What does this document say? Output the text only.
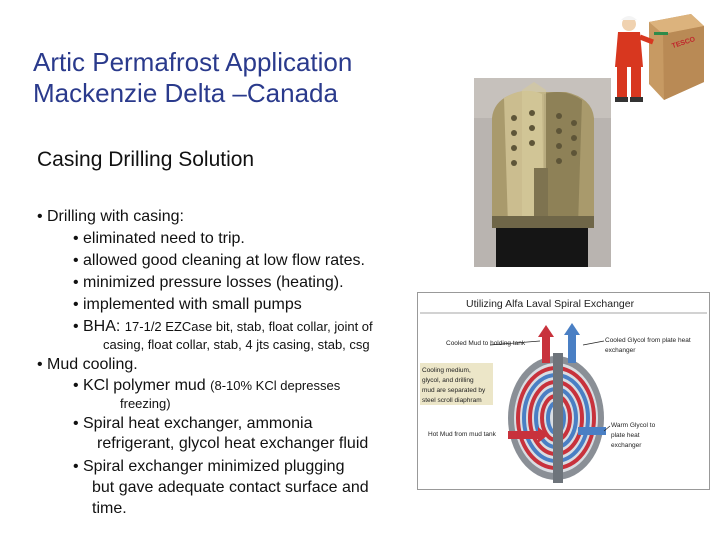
Artic Permafrost Application
Mackenzie Delta –Canada
Casing Drilling Solution
• Drilling with casing:
• eliminated need to trip.
• allowed good cleaning at low flow rates.
• minimized pressure losses (heating).
• implemented with small pumps
• BHA: 17-1/2 EZCase bit, stab, float collar, joint of
casing, float collar, stab, 4 jts casing, stab, csg
• Mud cooling.
• KCl polymer mud (8-10% KCl depresses
freezing)
• Spiral heat exchanger, ammonia
refrigerant, glycol heat exchanger fluid
• Spiral exchanger minimized plugging
but gave adequate contact surface and
time.
TESCO
Utilizing Alfa Laval Spiral Exchanger
Cooled Mud to holding tank	Cooled Glycol from plate heat
exchanger
Cooling medium,
glycol, and drilling
mud are separated by
steel scroll diaphram
Warm Glycol to
plate heat
exchanger
Hot Mud from mud tank
